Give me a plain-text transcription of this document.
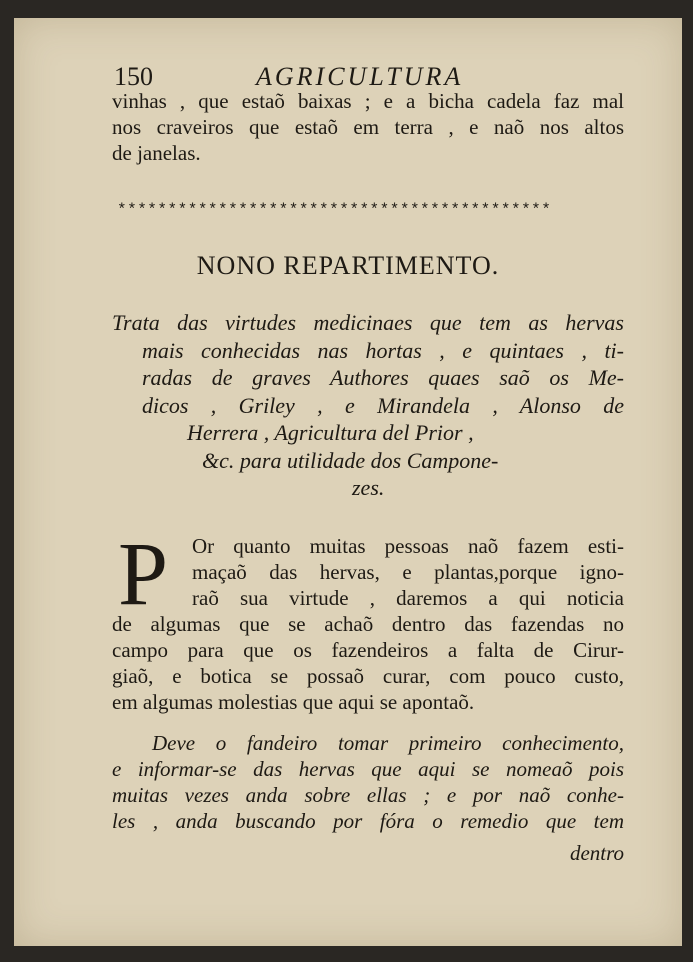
150	AGRICULTURA
vinhas , que estaõ baixas ; e a bicha cadela faz mal
nos craveiros que estaõ em terra , e naõ nos altos
de janelas.
*******************************************
NONO REPARTIMENTO.
Trata das virtudes medicinaes que tem as hervas
mais conhecidas nas hortas , e quintaes , ti-
radas de graves Authores quaes saõ os Me-
dicos , Griley , e Mirandela , Alonso de
Herrera , Agricultura del Prior ,
&c. para utilidade dos Campone-
zes.
P Or quanto muitas pessoas naõ fazem esti-
maçaõ das hervas, e plantas,porque igno-
raõ sua virtude , daremos a qui noticia
de algumas que se achaõ dentro das fazendas no
campo para que os fazendeiros a falta de Cirur-
giaõ, e botica se possaõ curar, com pouco custo,
em algumas molestias que aqui se apontaõ.
Deve o fandeiro tomar primeiro conhecimento,
e informar-se das hervas que aqui se nomeaõ pois
muitas vezes anda sobre ellas ; e por naõ conhe-
les , anda buscando por fóra o remedio que tem
dentro
